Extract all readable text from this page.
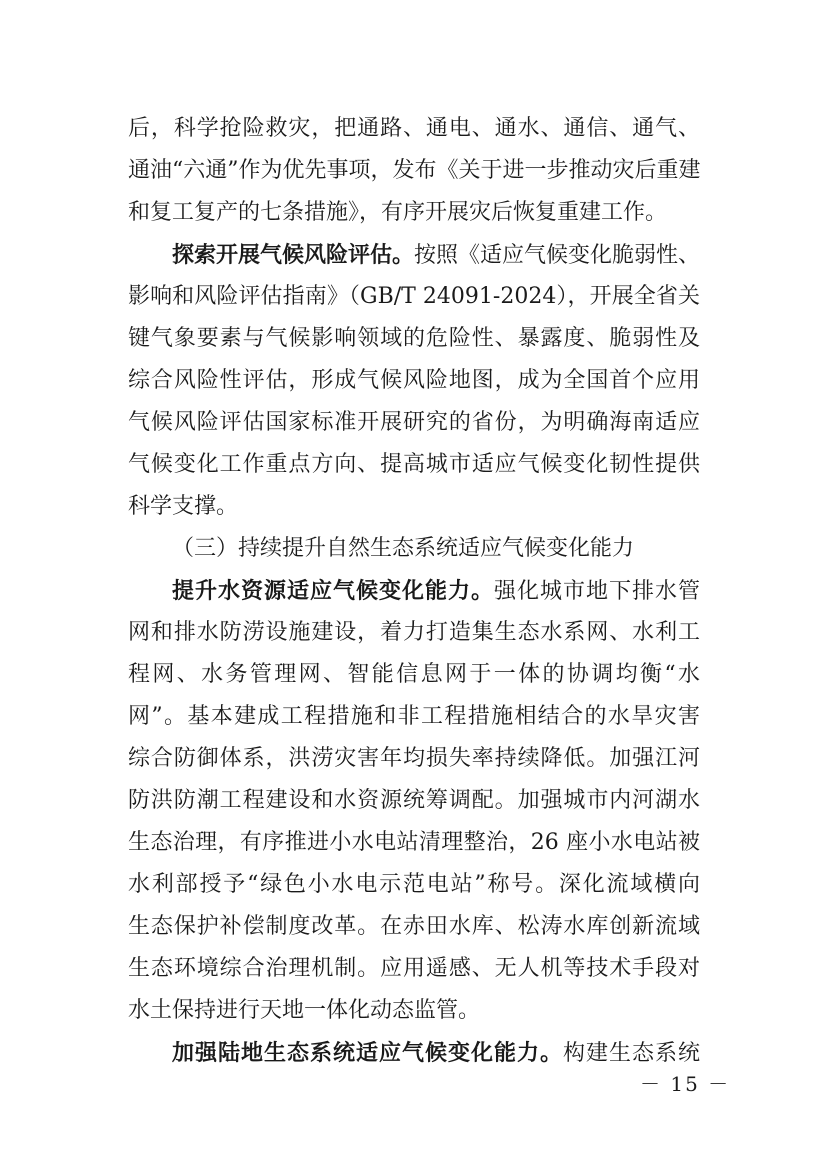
后，科学抢险救灾，把通路、通电、通水、通信、通气、
通油“六通”作为优先事项，发布《关于进一步推动灾后重建
和复工复产的七条措施》，有序开展灾后恢复重建工作。
探索开展气候风险评估。按照《适应气候变化脆弱性、
影响和风险评估指南》（GB/T 24091-2024），开展全省关
键气象要素与气候影响领域的危险性、暴露度、脆弱性及
综合风险性评估，形成气候风险地图，成为全国首个应用
气候风险评估国家标准开展研究的省份，为明确海南适应
气候变化工作重点方向、提高城市适应气候变化韧性提供
科学支撑。
（三）持续提升自然生态系统适应气候变化能力
提升水资源适应气候变化能力。强化城市地下排水管
网和排水防涝设施建设，着力打造集生态水系网、水利工
程网、水务管理网、智能信息网于一体的协调均衡“水
网”。基本建成工程措施和非工程措施相结合的水旱灾害
综合防御体系，洪涝灾害年均损失率持续降低。加强江河
防洪防潮工程建设和水资源统筹调配。加强城市内河湖水
生态治理，有序推进小水电站清理整治，26 座小水电站被
水利部授予“绿色小水电示范电站”称号。深化流域横向
生态保护补偿制度改革。在赤田水库、松涛水库创新流域
生态环境综合治理机制。应用遥感、无人机等技术手段对
水土保持进行天地一体化动态监管。
加强陆地生态系统适应气候变化能力。构建生态系统
－ 15 －
